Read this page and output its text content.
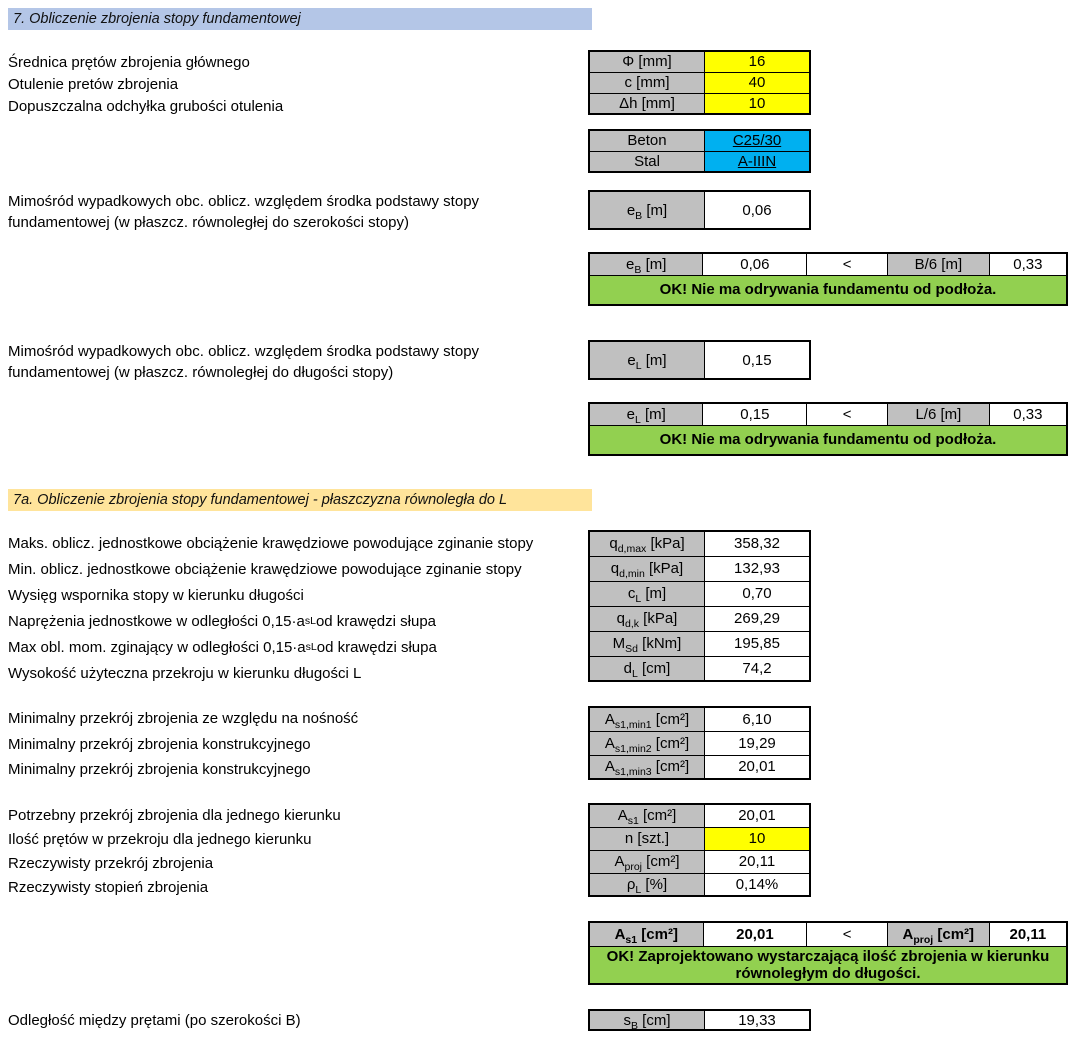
7. Obliczenie zbrojenia stopy fundamentowej
Średnica prętów zbrojenia głównego
Otulenie pretów zbrojenia
Dopuszczalna odchyłka grubości otulenia
Φ [mm]	16
c [mm]	40
Δh [mm]	10
Beton	C25/30
Stal	A-IIIN
Mimośród wypadkowych obc. oblicz. względem środka podstawy stopy fundamentowej (w płaszcz. równoległej do szerokości stopy)
$e_B$ [m]	0,06
$e_B$ [m]	0,06	<	B/6 [m]	0,33
OK! Nie ma odrywania fundamentu od podłoża.
Mimośród wypadkowych obc. oblicz. względem środka podstawy stopy fundamentowej (w płaszcz. równoległej do długości stopy)
$e_L$ [m]	0,15
$e_L$ [m]	0,15	<	L/6 [m]	0,33
OK! Nie ma odrywania fundamentu od podłoża.
7a. Obliczenie zbrojenia stopy fundamentowej - płaszczyzna równoległa do L
Maks. oblicz. jednostkowe obciążenie krawędziowe powodujące zginanie stopy
Min. oblicz. jednostkowe obciążenie krawędziowe powodujące zginanie stopy
Wysięg wspornika stopy w kierunku długości
Naprężenia jednostkowe w odległości 0,15·a sL od krawędzi słupa
Max obl. mom. zginający w odległości 0,15·a sL od krawędzi słupa
Wysokość użyteczna przekroju w kierunku długości L
$q_{d,max}$ [kPa]	358,32
$q_{d,min}$ [kPa]	132,93
$c_L$ [m]	0,70
$q_{d,k}$ [kPa]	269,29
$M_{Sd}$ [kNm]	195,85
$d_L$ [cm]	74,2
Minimalny przekrój zbrojenia ze względu na nośność
Minimalny przekrój zbrojenia konstrukcyjnego
Minimalny przekrój zbrojenia konstrukcyjnego
$A_{s1,min1}$ [cm²]	6,10
$A_{s1,min2}$ [cm²]	19,29
$A_{s1,min3}$ [cm²]	20,01
Potrzebny przekrój zbrojenia dla jednego kierunku
Ilość prętów w przekroju dla jednego kierunku
Rzeczywisty przekrój zbrojenia
Rzeczywisty stopień zbrojenia
$A_{s1}$ [cm²]	20,01
n [szt.]	10
$A_{proj}$ [cm²]	20,11
$\rho_L$ [%]	0,14%
$A_{s1}$ [cm²]	20,01	<	$A_{proj}$ [cm²]	20,11
OK! Zaprojektowano wystarczającą ilość zbrojenia w kierunku równoległym do długości.
Odległość między prętami (po szerokości B)	$s_B$ [cm]	19,33
